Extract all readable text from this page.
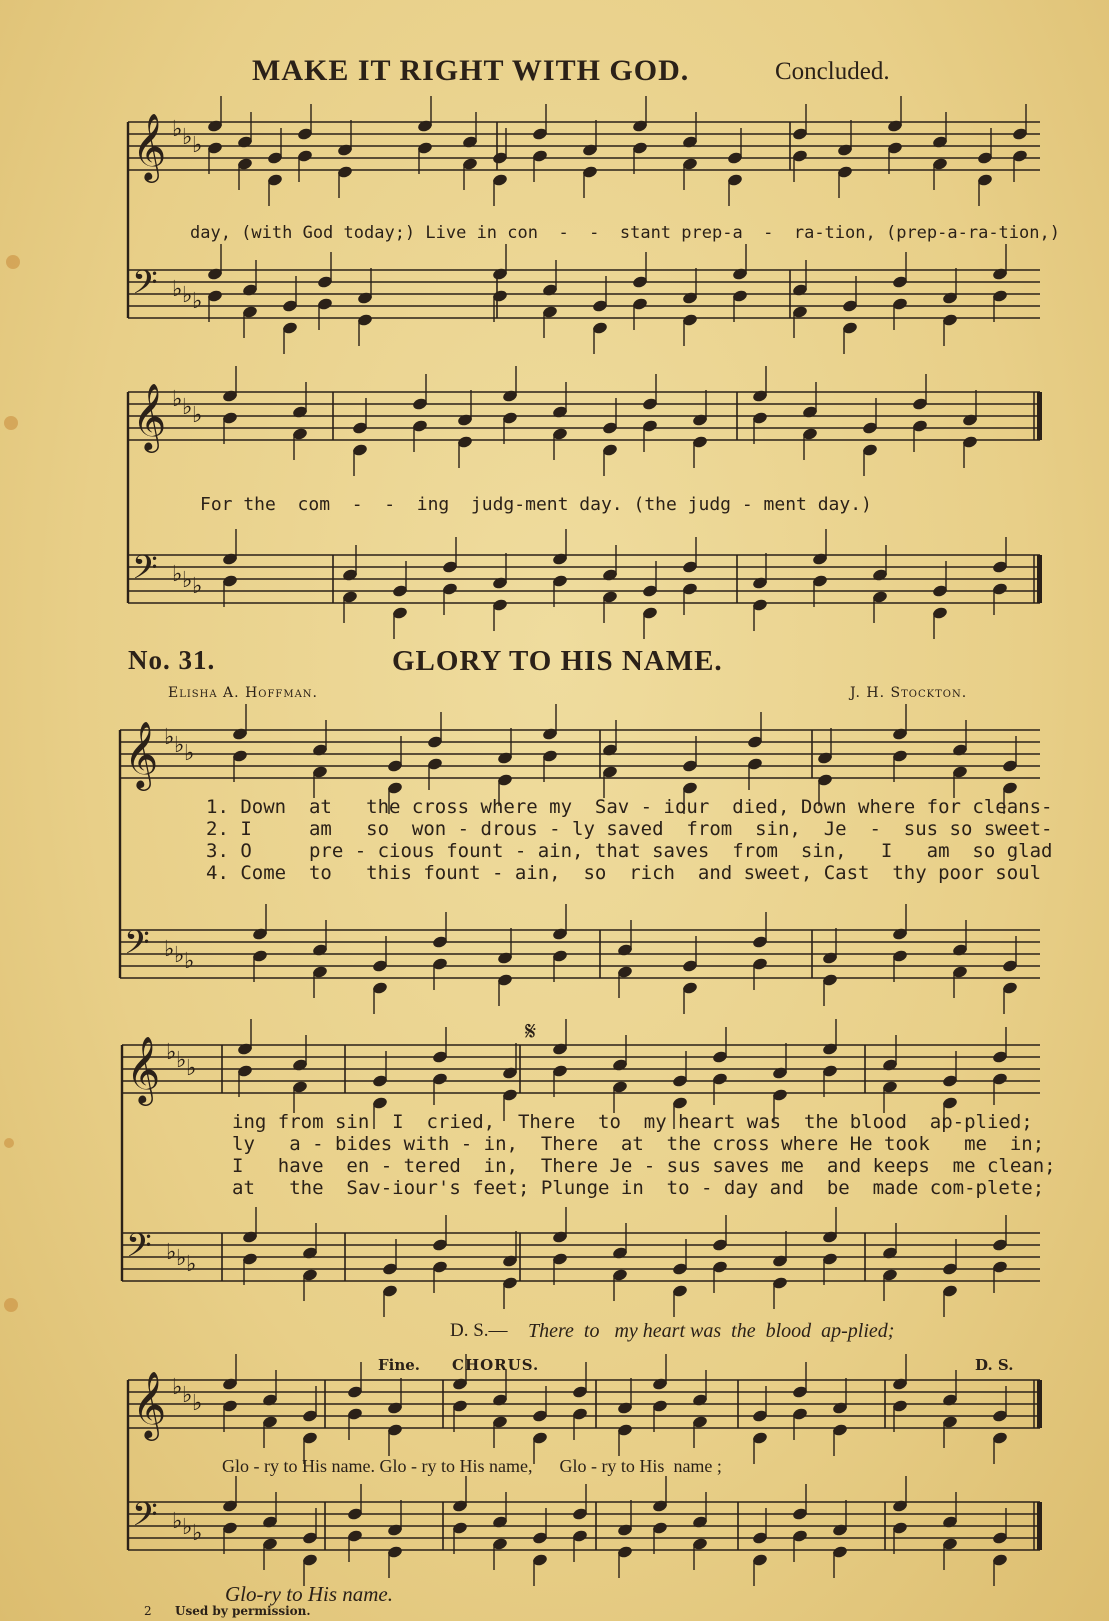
MAKE IT RIGHT WITH GOD.	Concluded.
𝄞 ♭ ♭ ♭
𝄢 ♭ ♭ ♭
𝄞 ♭ ♭ ♭
𝄢 ♭ ♭ ♭
𝄞 ♭ ♭ ♭
𝄢 ♭ ♭ ♭
𝄞 ♭ ♭ ♭
𝄢 ♭ ♭ ♭
𝄋
𝄞 ♭ ♭ ♭
𝄢 ♭ ♭ ♭
day, (with God today;) Live in con  -  -  stant prep-a  -  ra-tion, (prep-a-ra-tion,)
For the  com  -  -  ing  judg-ment day. (the judg - ment day.)
No. 31.	GLORY TO HIS NAME.
Elisha A. Hoffman.	J. H. Stockton.
1. Down  at   the cross where my  Sav - iour  died, Down where for cleans-
2. I     am   so  won - drous - ly saved  from  sin,  Je  -  sus so sweet-
3. O     pre - cious fount - ain, that saves  from  sin,   I   am  so glad
4. Come  to   this fount - ain,  so  rich  and sweet, Cast  thy poor soul
ing from sin  I  cried,  There  to  my heart was  the blood  ap-plied;
ly   a - bides with - in,  There  at  the cross where He took   me  in;
I   have  en - tered  in,  There Je - sus saves me  and keeps  me clean;
at   the  Sav-iour's feet; Plunge in  to - day and  be  made com-plete;
D. S.— There  to   my heart was  the  blood  ap-plied;
Fine. CHORUS.	D. S.
Glo - ry to His name. Glo - ry to His name,      Glo - ry to His  name ;
Glo-ry to His name.
2 Used by permission.
